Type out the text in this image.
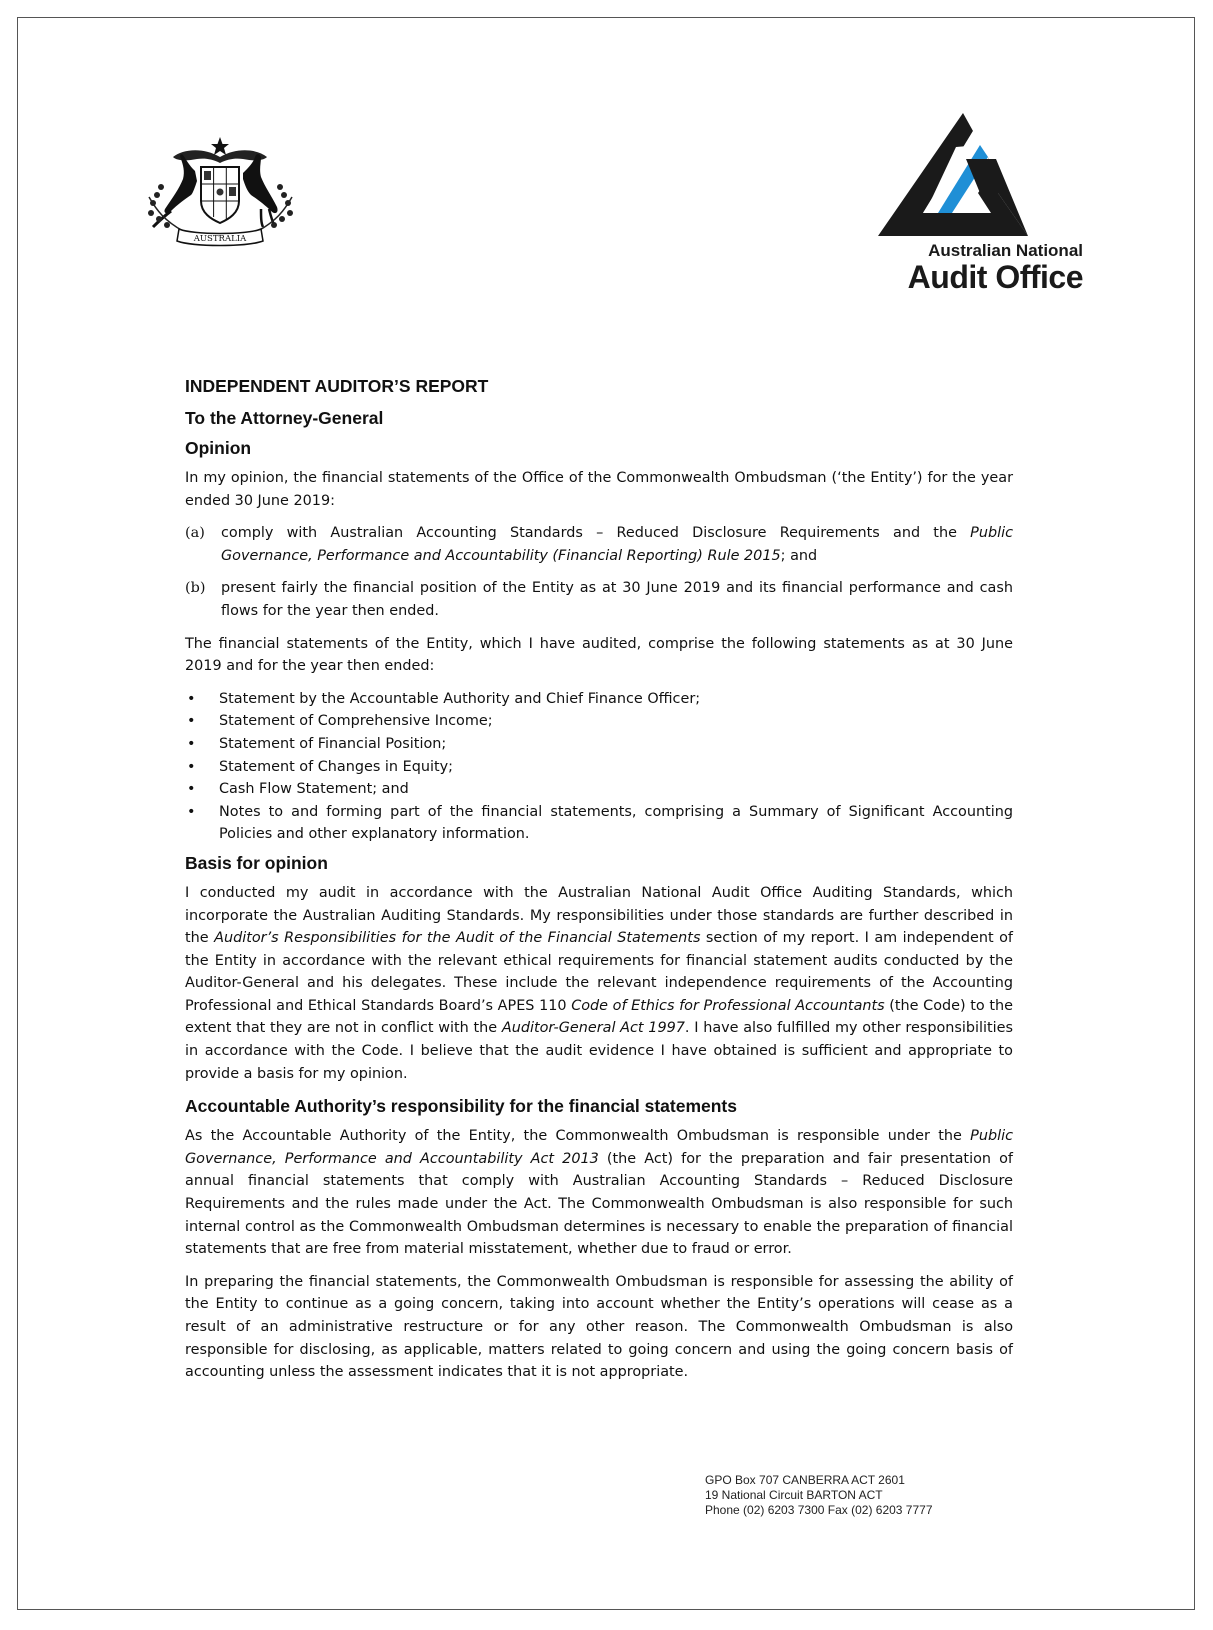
AUSTRALIA
Australian National
Audit Office
INDEPENDENT AUDITOR’S REPORT
To the Attorney-General
Opinion

In my opinion, the financial statements of the Office of the Commonwealth Ombudsman (‘the Entity’) for the year ended 30 June 2019:

(a)	comply with Australian Accounting Standards – Reduced Disclosure Requirements and the Public Governance, Performance and Accountability (Financial Reporting) Rule 2015; and
(b)	present fairly the financial position of the Entity as at 30 June 2019 and its financial performance and cash flows for the year then ended.

The financial statements of the Entity, which I have audited, comprise the following statements as at 30 June 2019 and for the year then ended:

•	Statement by the Accountable Authority and Chief Finance Officer;
•	Statement of Comprehensive Income;
•	Statement of Financial Position;
•	Statement of Changes in Equity;
•	Cash Flow Statement; and
•	Notes to and forming part of the financial statements, comprising a Summary of Significant Accounting Policies and other explanatory information.
Basis for opinion

I conducted my audit in accordance with the Australian National Audit Office Auditing Standards, which incorporate the Australian Auditing Standards. My responsibilities under those standards are further described in the Auditor’s Responsibilities for the Audit of the Financial Statements section of my report. I am independent of the Entity in accordance with the relevant ethical requirements for financial statement audits conducted by the Auditor-General and his delegates. These include the relevant independence requirements of the Accounting Professional and Ethical Standards Board’s APES 110 Code of Ethics for Professional Accountants (the Code) to the extent that they are not in conflict with the Auditor-General Act 1997. I have also fulfilled my other responsibilities in accordance with the Code. I believe that the audit evidence I have obtained is sufficient and appropriate to provide a basis for my opinion.

Accountable Authority’s responsibility for the financial statements

As the Accountable Authority of the Entity, the Commonwealth Ombudsman is responsible under the Public Governance, Performance and Accountability Act 2013 (the Act) for the preparation and fair presentation of annual financial statements that comply with Australian Accounting Standards – Reduced Disclosure Requirements and the rules made under the Act. The Commonwealth Ombudsman is also responsible for such internal control as the Commonwealth Ombudsman determines is necessary to enable the preparation of financial statements that are free from material misstatement, whether due to fraud or error.

In preparing the financial statements, the Commonwealth Ombudsman is responsible for assessing the ability of the Entity to continue as a going concern, taking into account whether the Entity’s operations will cease as a result of an administrative restructure or for any other reason. The Commonwealth Ombudsman is also responsible for disclosing, as applicable, matters related to going concern and using the going concern basis of accounting unless the assessment indicates that it is not appropriate.

GPO Box 707 CANBERRA ACT 2601
19 National Circuit BARTON ACT
Phone (02) 6203 7300 Fax (02) 6203 7777
